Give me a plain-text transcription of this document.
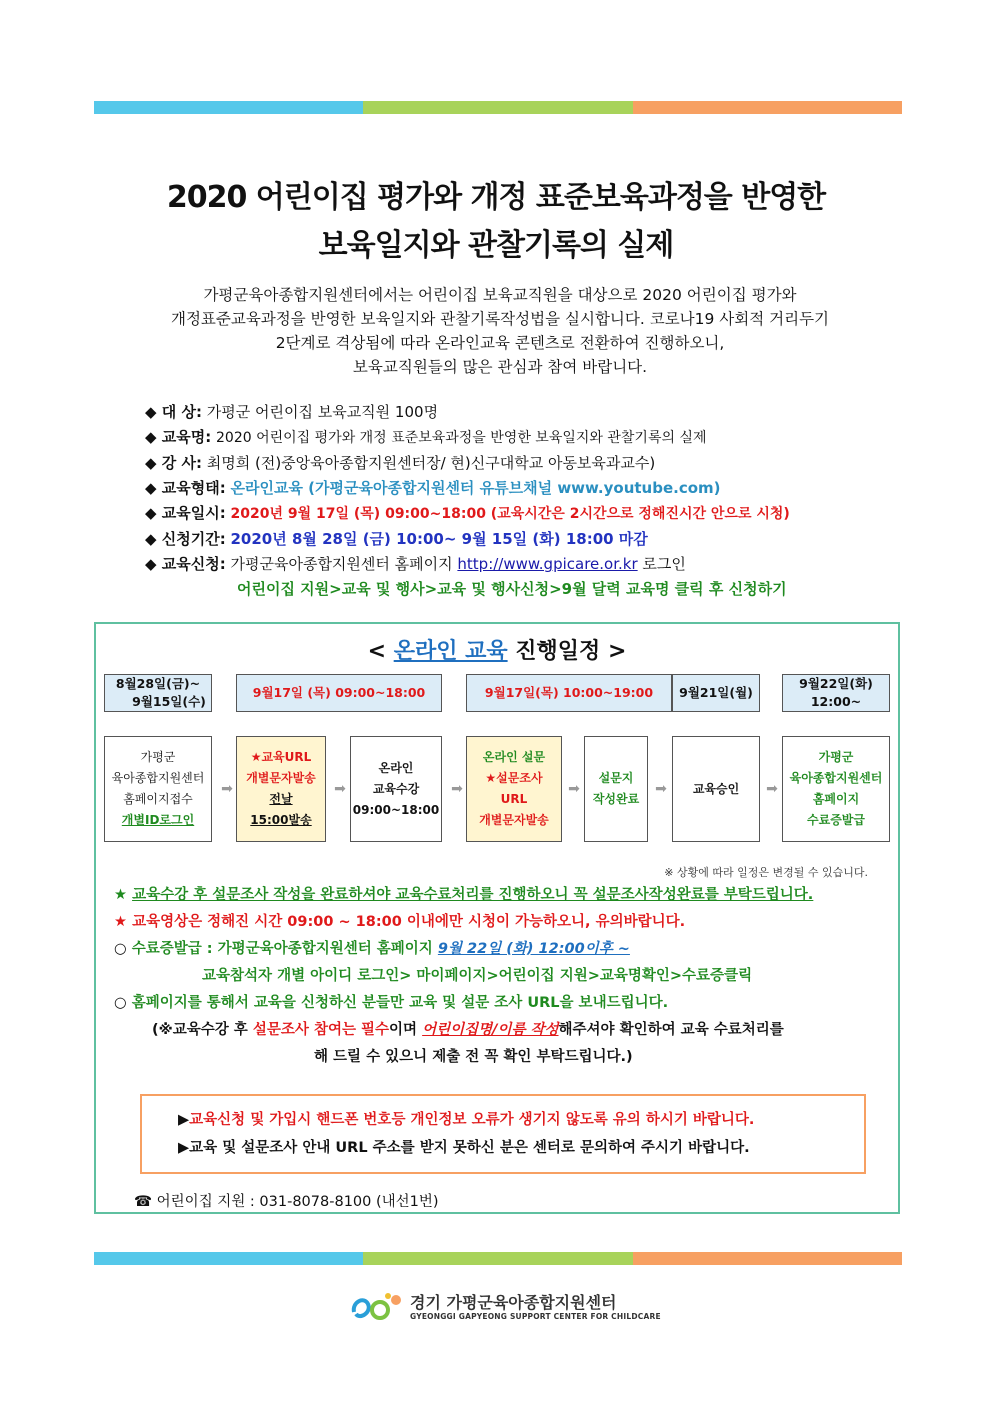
2020 어린이집 평가와 개정 표준보육과정을 반영한
보육일지와 관찰기록의 실제
가평군육아종합지원센터에서는 어린이집 보육교직원을 대상으로 2020 어린이집 평가와
개정표준교육과정을 반영한 보육일지와 관찰기록작성법을 실시합니다. 코로나19 사회적 거리두기
2단계로 격상됨에 따라 온라인교육 콘텐츠로 전환하여 진행하오니,
보육교직원들의 많은 관심과 참여 바랍니다.
◆ 대 상: 가평군 어린이집 보육교직원 100명
◆ 교육명: 2020 어린이집 평가와 개정 표준보육과정을 반영한 보육일지와 관찰기록의 실제
◆ 강 사: 최명희 (전)중앙육아종합지원센터장/ 현)신구대학교 아동보육과교수)
◆ 교육형태: 온라인교육 (가평군육아종합지원센터 유튜브채널 www.youtube.com)
◆ 교육일시: 2020년 9월 17일 (목) 09:00~18:00 (교육시간은 2시간으로 정해진시간 안으로 시청)
◆ 신청기간: 2020년 8월 28일 (금) 10:00~ 9월 15일 (화) 18:00 마감
◆ 교육신청: 가평군육아종합지원센터 홈페이지 http://www.gpicare.or.kr 로그인
어린이집 지원>교육 및 행사>교육 및 행사신청>9월 달력 교육명 클릭 후 신청하기
< 온라인 교육 진행일정 >
8월28일(금)~
9월15일(수)
9월17일 (목) 09:00~18:00	9월17일(목) 10:00~19:00 9월21일(월)
9월22일(화)
12:00~
가평군
육아종합지원센터
홈페이지접수
개별ID로그인
➡
★교육URL
개별문자발송
전날
15:00발송
➡
온라인
교육수강
09:00~18:00
➡
온라인 설문
★설문조사
URL
개별문자발송
➡
설문지
작성완료
➡	교육승인	➡
가평군
육아종합지원센터
홈페이지
수료증발급
※ 상황에 따라 일정은 변경될 수 있습니다.
★ 교육수강 후 설문조사 작성을 완료하셔야 교육수료처리를 진행하오니 꼭 설문조사작성완료를 부탁드립니다.
★ 교육영상은 정해진 시간 09:00 ~ 18:00 이내에만 시청이 가능하오니, 유의바랍니다.
○ 수료증발급 : 가평군육아종합지원센터 홈페이지 9월 22일 (화) 12:00이후 ~
교육참석자 개별 아이디 로그인> 마이페이지>어린이집 지원>교육명확인>수료증클릭
○ 홈페이지를 통해서 교육을 신청하신 분들만 교육 및 설문 조사 URL을 보내드립니다.
(※교육수강 후 설문조사 참여는 필수이며 어린이집명/이름 작성해주셔야 확인하여 교육 수료처리를
해 드릴 수 있으니 제출 전 꼭 확인 부탁드립니다.)
▶교육신청 및 가입시 핸드폰 번호등 개인정보 오류가 생기지 않도록 유의 하시기 바랍니다.
▶교육 및 설문조사 안내 URL 주소를 받지 못하신 분은 센터로 문의하여 주시기 바랍니다.
☎ 어린이집 지원 : 031-8078-8100 (내선1번)
경기 가평군육아종합지원센터
GYEONGGI GAPYEONG SUPPORT CENTER FOR CHILDCARE
